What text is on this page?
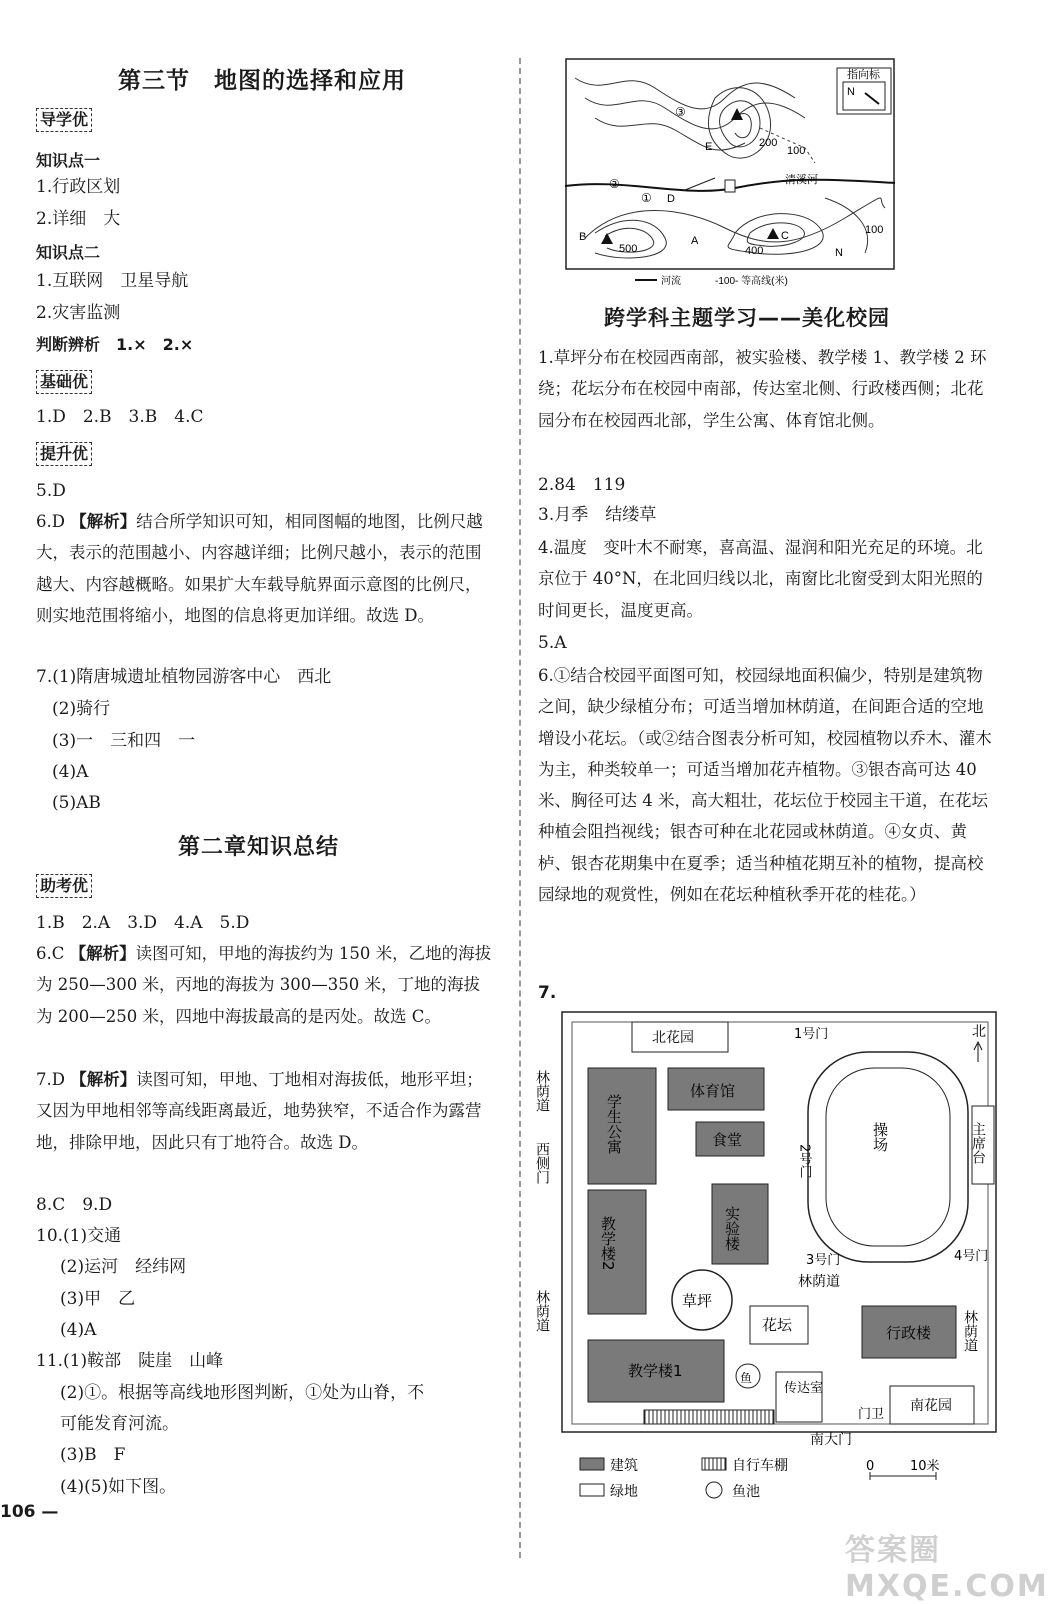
第三节　地图的选择和应用
导学优
知识点一
1.行政区划
2.详细　大
知识点二
1.互联网　卫星导航
2.灾害监测
判断辨析　1.×　2.×
基础优
1.D　2.B　3.B　4.C
提升优
5.D
6.D 【解析】结合所学知识可知，相同图幅的地图，比例尺越大，表示的范围越小、内容越详细；比例尺越小，表示的范围越大、内容越概略。如果扩大车载导航界面示意图的比例尺，则实地范围将缩小，地图的信息将更加详细。故选 D。
7.(1)隋唐城遗址植物园游客中心　西北
(2)骑行
(3)一　三和四　一
(4)A
(5)AB
第二章知识总结
助考优
1.B　2.A　3.D　4.A　5.D
6.C 【解析】读图可知，甲地的海拔约为 150 米，乙地的海拔为 250—300 米，丙地的海拔为 300—350 米，丁地的海拔为 200—250 米，四地中海拔最高的是丙处。故选 C。
7.D 【解析】读图可知，甲地、丁地相对海拔低，地形平坦；又因为甲地相邻等高线距离最近，地势狭窄，不适合作为露营地，排除甲地，因此只有丁地符合。故选 D。
8.C　9.D
10.(1)交通
(2)运河　经纬网
(3)甲　乙
(4)A
11.(1)鞍部　陡崖　山峰
(2)①。根据等高线地形图判断，①处为山脊，不
可能发育河流。
(3)B　F
(4)(5)如下图。
106 —
指向标
N
清溪河
200
100
500	400
100
A
B	C
D
E
N
③
②
①
河流	-100- 等高线(米)
跨学科主题学习——美化校园
1.草坪分布在校园西南部，被实验楼、教学楼 1、教学楼 2 环绕；花坛分布在校园中南部，传达室北侧、行政楼西侧；北花园分布在校园西北部，学生公寓、体育馆北侧。
2.84　119
3.月季　结缕草
4.温度　变叶木不耐寒，喜高温、湿润和阳光充足的环境。北京位于 40°N，在北回归线以北，南窗比北窗受到太阳光照的时间更长，温度更高。
5.A
6.①结合校园平面图可知，校园绿地面积偏少，特别是建筑物之间，缺少绿植分布；可适当增加林荫道，在间距合适的空地增设小花坛。（或②结合图表分析可知，校园植物以乔木、灌木为主，种类较单一；可适当增加花卉植物。③银杏高可达 40 米、胸径可达 4 米，高大粗壮，花坛位于校园主干道，在花坛种植会阻挡视线；银杏可种在北花园或林荫道。④女贞、黄栌、银杏花期集中在夏季；适当种植花期互补的植物，提高校园绿地的观赏性，例如在花坛种植秋季开花的桂花。）
7.
北花园	1号门	北
学生公寓
体育馆
食堂
教学楼2	实验楼
教学楼1
行政楼
操场	主席台
2号门
3号门	4号门
草坪
花坛
鱼
传达室
南花园
门卫
南大门
林荫道
林荫道
西侧门
林荫道	林荫道
建筑	自行车棚
绿地	鱼池
0	10米
答案圈 MXQE.COM
